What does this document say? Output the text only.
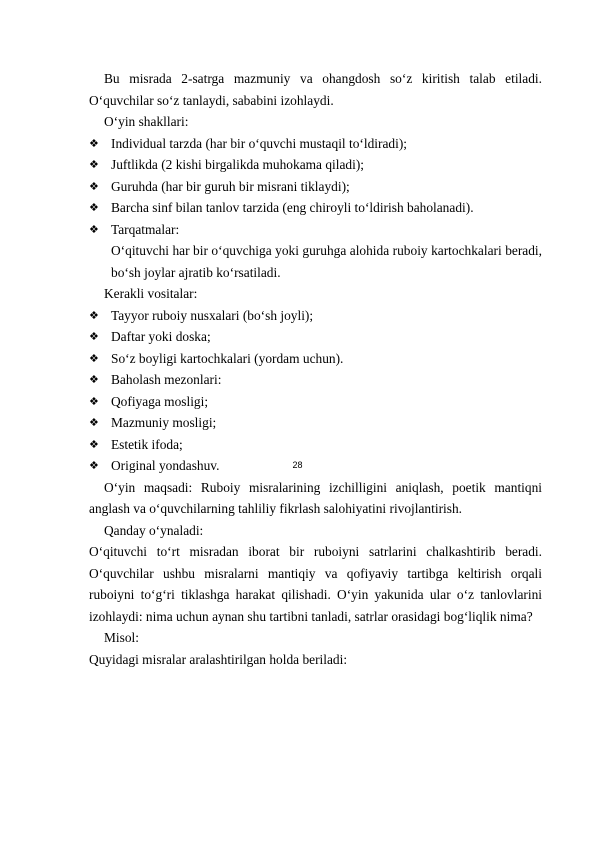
Bu misrada 2-satrga mazmuniy va ohangdosh so‘z kiritish talab etiladi. O‘quvchilar so‘z tanlaydi, sababini izohlaydi.

O‘yin shakllari:

❖ Individual tarzda (har bir o‘quvchi mustaqil to‘ldiradi);
❖ Juftlikda (2 kishi birgalikda muhokama qiladi);
❖ Guruhda (har bir guruh bir misrani tiklaydi);
❖ Barcha sinf bilan tanlov tarzida (eng chiroyli to‘ldirish baholanadi).
❖ Tarqatmalar:

O‘qituvchi har bir o‘quvchiga yoki guruhga alohida ruboiy kartochkalari beradi, bo‘sh joylar ajratib ko‘rsatiladi.

Kerakli vositalar:

❖ Tayyor ruboiy nusxalari (bo‘sh joyli);
❖ Daftar yoki doska;
❖ So‘z boyligi kartochkalari (yordam uchun).
❖ Baholash mezonlari:
❖ Qofiyaga mosligi;
❖ Mazmuniy mosligi;
❖ Estetik ifoda;
❖ Original yondashuv.

O‘yin maqsadi: Ruboiy misralarining izchilligini aniqlash, poetik mantiqni anglash va o‘quvchilarning tahliliy fikrlash salohiyatini rivojlantirish.

Qanday o‘ynaladi:

O‘qituvchi to‘rt misradan iborat bir ruboiyni satrlarini chalkashtirib beradi. O‘quvchilar ushbu misralarni mantiqiy va qofiyaviy tartibga keltirish orqali ruboiyni to‘g‘ri tiklashga harakat qilishadi. O‘yin yakunida ular o‘z tanlovlarini izohlaydi: nima uchun aynan shu tartibni tanladi, satrlar orasidagi bog‘liqlik nima?

Misol:

Quyidagi misralar aralashtirilgan holda beriladi:

28
